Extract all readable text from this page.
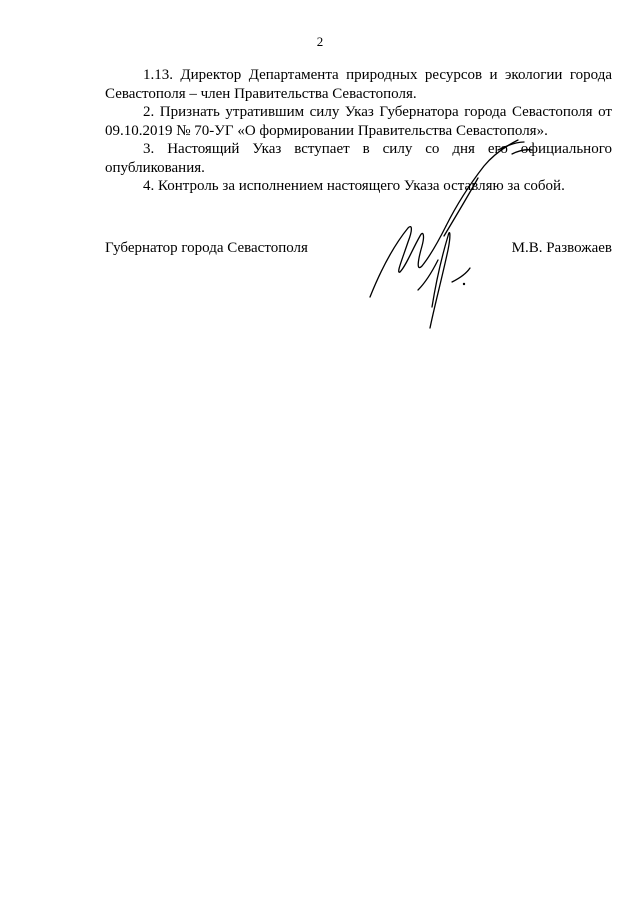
2

1.13. Директор Департамента природных ресурсов и экологии города Севастополя – член Правительства Севастополя.

2. Признать утратившим силу Указ Губернатора города Севастополя от 09.10.2019 № 70-УГ «О формировании Правительства Севастополя».

3. Настоящий Указ вступает в силу со дня его официального опубликования.

4. Контроль за исполнением настоящего Указа оставляю за собой.

Губернатор города Севастополя	М.В. Развожаев
